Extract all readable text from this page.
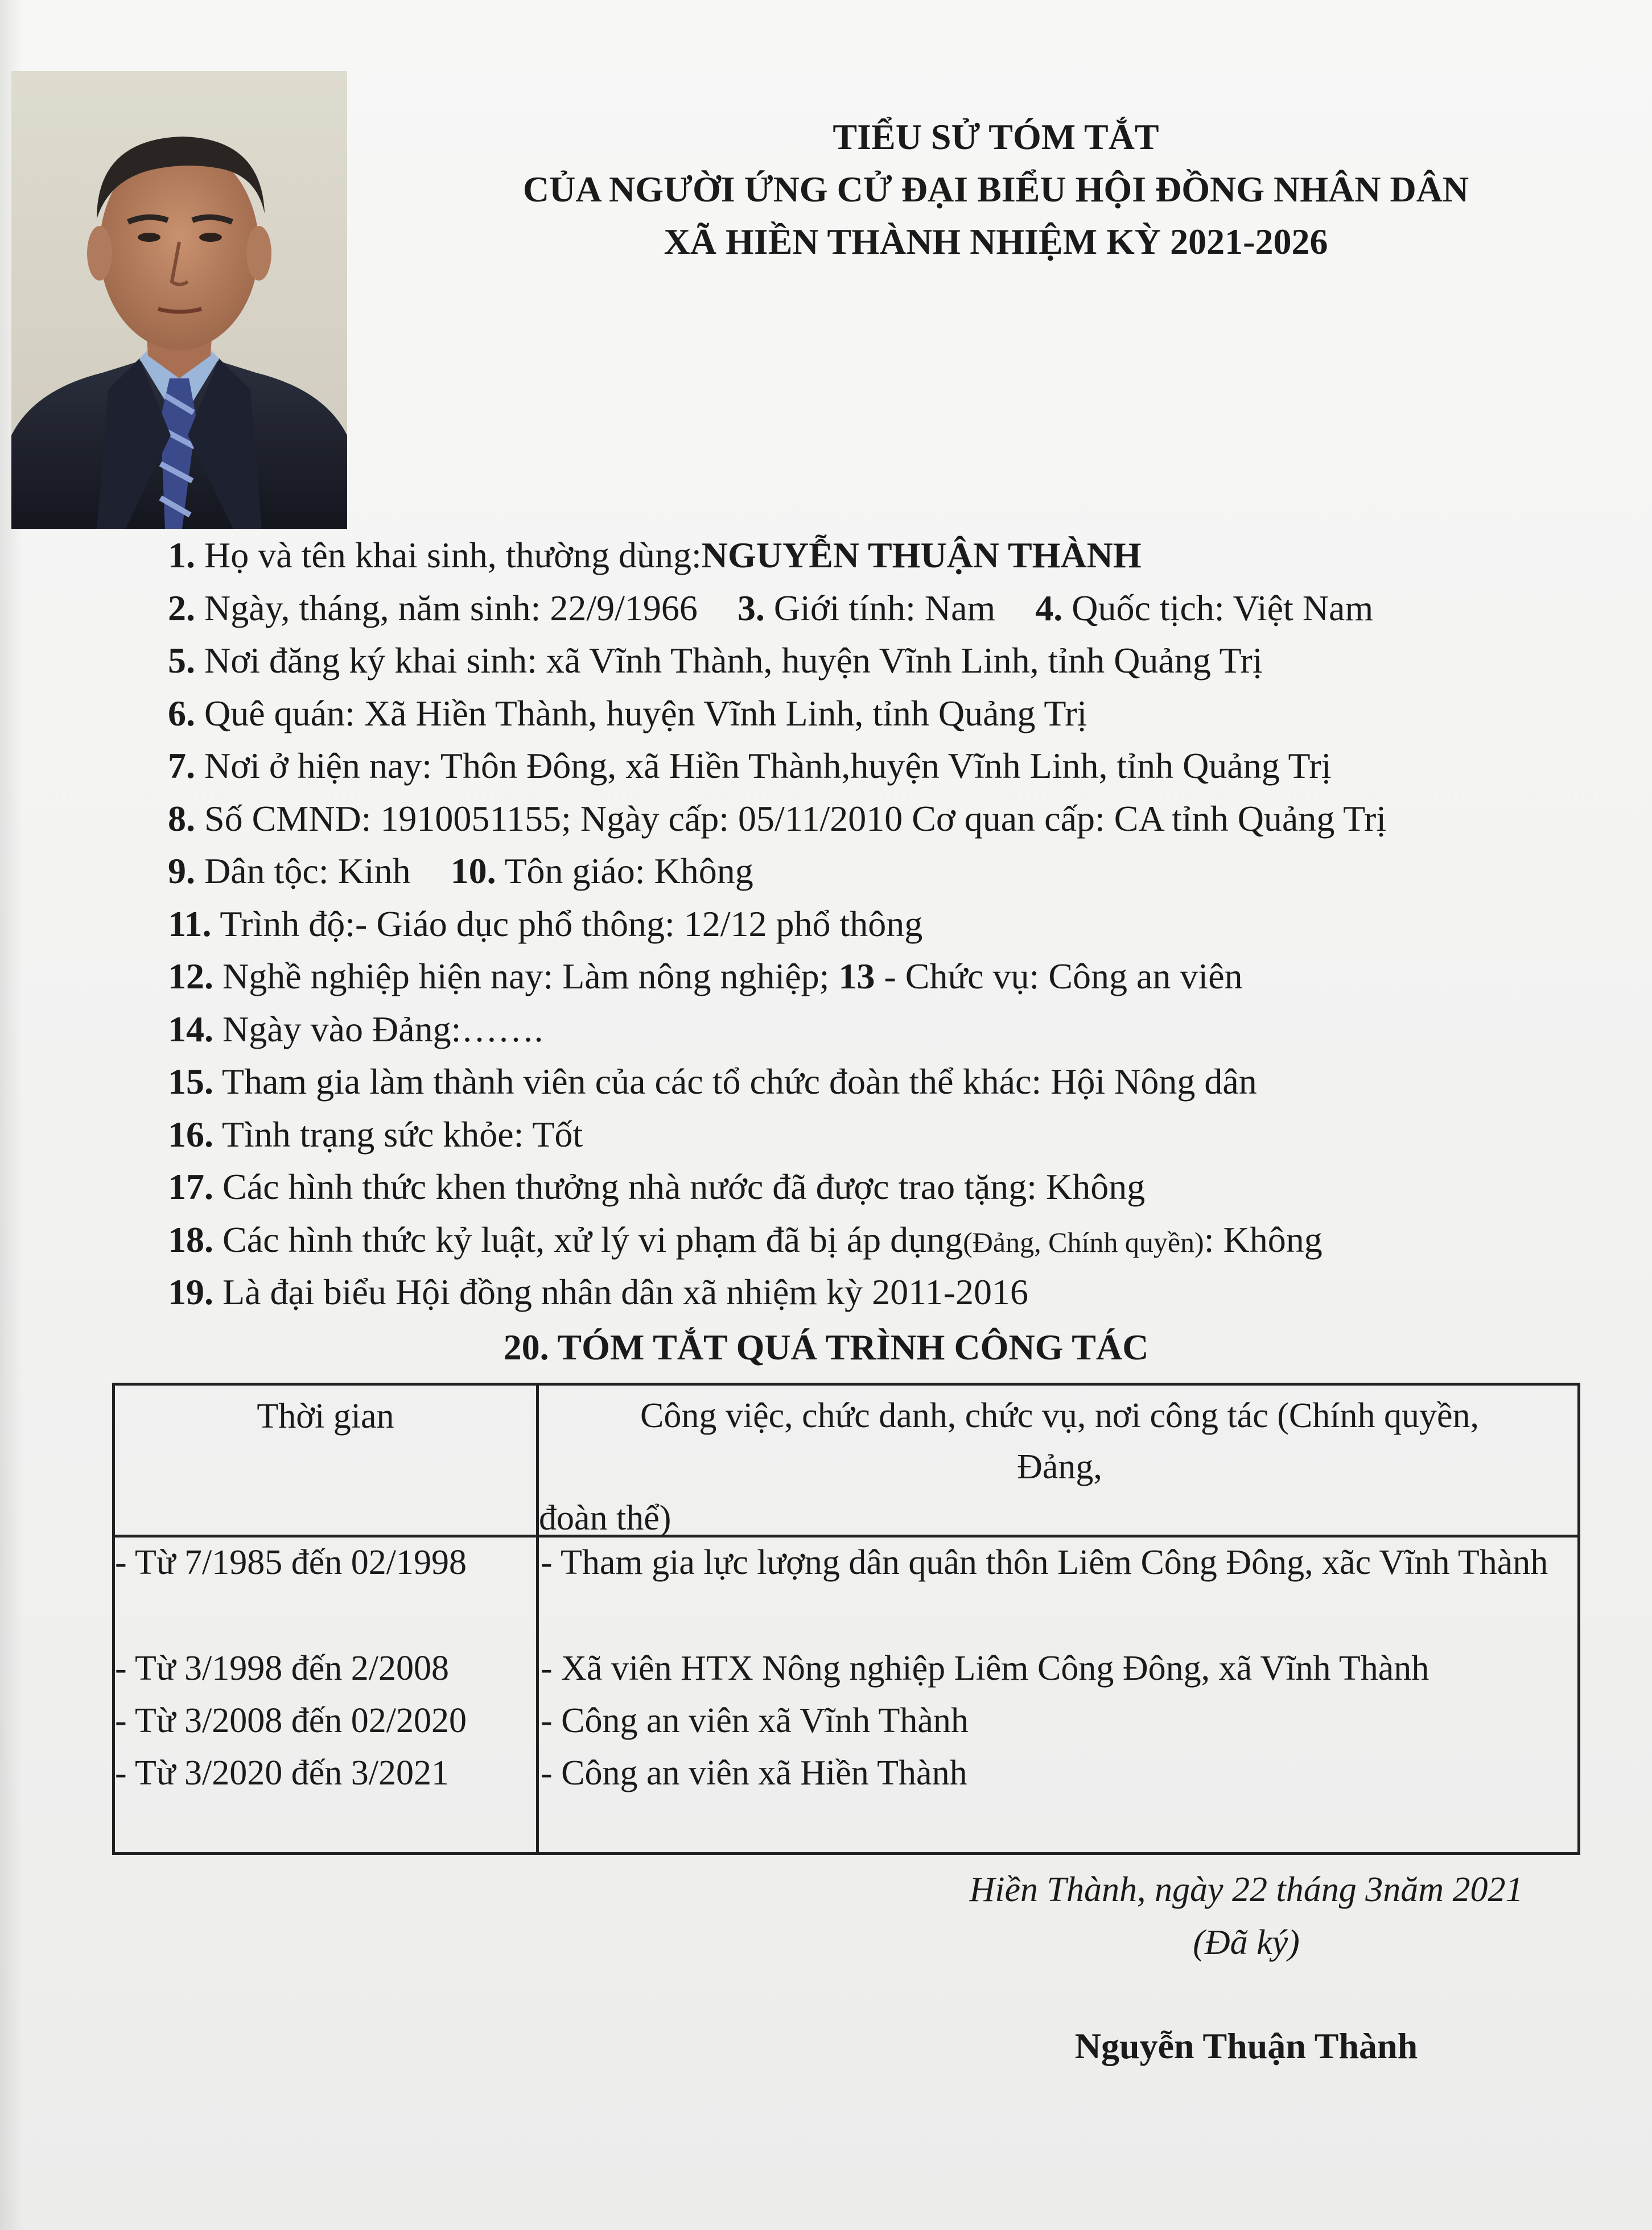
TIỂU SỬ TÓM TẮT
CỦA NGƯỜI ỨNG CỬ ĐẠI BIỂU HỘI ĐỒNG NHÂN DÂN
XÃ HIỀN THÀNH NHIỆM KỲ 2021-2026
1. Họ và tên khai sinh, thường dùng:NGUYỄN THUẬN THÀNH
2. Ngày, tháng, năm sinh: 22/9/1966 3. Giới tính: Nam 4. Quốc tịch: Việt Nam
5. Nơi đăng ký khai sinh: xã Vĩnh Thành, huyện Vĩnh Linh, tỉnh Quảng Trị
6. Quê quán: Xã Hiền Thành, huyện Vĩnh Linh, tỉnh Quảng Trị
7. Nơi ở hiện nay: Thôn Đông, xã Hiền Thành,huyện Vĩnh Linh, tỉnh Quảng Trị
8. Số CMND: 1910051155; Ngày cấp: 05/11/2010 Cơ quan cấp: CA tỉnh Quảng Trị
9. Dân tộc: Kinh 10. Tôn giáo: Không
11. Trình độ:- Giáo dục phổ thông: 12/12 phổ thông
12. Nghề nghiệp hiện nay: Làm nông nghiệp; 13 - Chức vụ: Công an viên
14. Ngày vào Đảng:…….
15. Tham gia làm thành viên của các tổ chức đoàn thể khác: Hội Nông dân
16. Tình trạng sức khỏe: Tốt
17. Các hình thức khen thưởng nhà nước đã được trao tặng: Không
18. Các hình thức kỷ luật, xử lý vi phạm đã bị áp dụng(Đảng, Chính quyền): Không
19. Là đại biểu Hội đồng nhân dân xã nhiệm kỳ 2011-2016
20. TÓM TẮT QUÁ TRÌNH CÔNG TÁC
Thời gian	Công việc, chức danh, chức vụ, nơi công tác (Chính quyền,
Đảng,
đoàn thể)
- Từ 7/1985 đến 02/1998	- Tham gia lực lượng dân quân thôn Liêm Công Đông, xãc Vĩnh Thành
- Từ 3/1998 đến 2/2008	- Xã viên HTX Nông nghiệp Liêm Công Đông, xã Vĩnh Thành
- Từ 3/2008 đến 02/2020	- Công an viên xã Vĩnh Thành
- Từ 3/2020 đến 3/2021	- Công an viên xã Hiền Thành
Hiền Thành, ngày 22 tháng 3năm 2021
(Đã ký)
Nguyễn Thuận Thành
